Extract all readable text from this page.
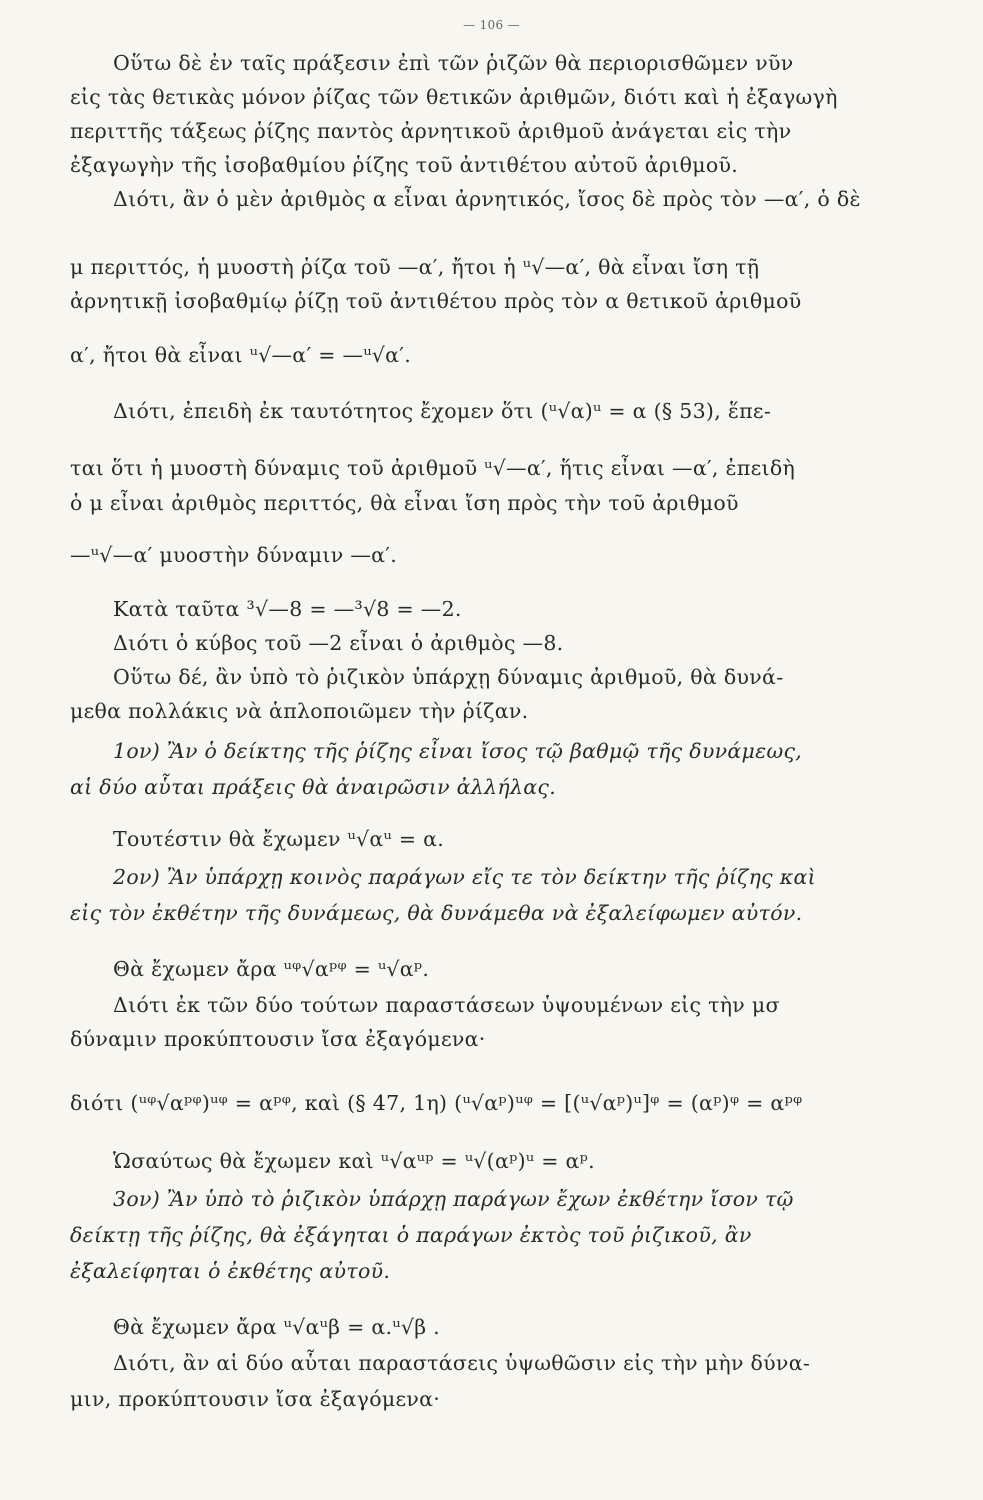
— 106 —
Οὕτω δὲ ἐν ταῖς πράξεσιν ἐπὶ τῶν ῥιζῶν θὰ περιορισθῶμεν νῦν
εἰς τὰς θετικὰς μόνον ῥίζας τῶν θετικῶν ἀριθμῶν, διότι καὶ ἡ ἐξαγωγὴ
περιττῆς τάξεως ῥίζης παντὸς ἀρνητικοῦ ἀριθμοῦ ἀνάγεται εἰς τὴν
ἐξαγωγὴν τῆς ἰσοβαθμίου ῥίζης τοῦ ἀντιθέτου αὐτοῦ ἀριθμοῦ.
Διότι, ἂν ὁ μὲν ἀριθμὸς α εἶναι ἀρνητικός, ἴσος δὲ πρὸς τὸν —α′, ὁ δὲ
μ περιττός, ἡ μυοστὴ ῥίζα τοῦ —α′, ἤτοι ἡ ᵘ√—α′, θὰ εἶναι ἴση τῇ
ἀρνητικῇ ἰσοβαθμίῳ ῥίζῃ τοῦ ἀντιθέτου πρὸς τὸν α θετικοῦ ἀριθμοῦ
α′, ἤτοι θὰ εἶναι ᵘ√—α′ = —ᵘ√α′.
Διότι, ἐπειδὴ ἐκ ταυτότητος ἔχομεν ὅτι (ᵘ√α)ᵘ = α (§ 53), ἕπε-
ται ὅτι ἡ μυοστὴ δύναμις τοῦ ἀριθμοῦ ᵘ√—α′, ἥτις εἶναι —α′, ἐπειδὴ
ὁ μ εἶναι ἀριθμὸς περιττός, θὰ εἶναι ἴση πρὸς τὴν τοῦ ἀριθμοῦ
—ᵘ√—α′ μυοστὴν δύναμιν —α′.
Κατὰ ταῦτα ³√—8 = —³√8 = —2.
Διότι ὁ κύβος τοῦ —2 εἶναι ὁ ἀριθμὸς —8.
Οὕτω δέ, ἂν ὑπὸ τὸ ῥιζικὸν ὑπάρχῃ δύναμις ἀριθμοῦ, θὰ δυνά-
μεθα πολλάκις νὰ ἁπλοποιῶμεν τὴν ῥίζαν.
1ον) Ἂν ὁ δείκτης τῆς ῥίζης εἶναι ἴσος τῷ βαθμῷ τῆς δυνάμεως,
αἱ δύο αὗται πράξεις θὰ ἀναιρῶσιν ἀλλήλας.
Τουτέστιν θὰ ἔχωμεν ᵘ√αᵘ = α.
2ον) Ἂν ὑπάρχῃ κοινὸς παράγων εἴς τε τὸν δείκτην τῆς ῥίζης καὶ
εἰς τὸν ἐκθέτην τῆς δυνάμεως, θὰ δυνάμεθα νὰ ἐξαλείφωμεν αὐτόν.
Θὰ ἔχωμεν ἄρα ᵘᵠ√αᵖᵠ = ᵘ√αᵖ.
Διότι ἐκ τῶν δύο τούτων παραστάσεων ὑψουμένων εἰς τὴν μσ
δύναμιν προκύπτουσιν ἴσα ἐξαγόμενα·
διότι (ᵘᵠ√αᵖᵠ)ᵘᵠ = αᵖᵠ, καὶ (§ 47, 1η) (ᵘ√αᵖ)ᵘᵠ = [(ᵘ√αᵖ)ᵘ]ᵠ = (αᵖ)ᵠ = αᵖᵠ
Ὡσαύτως θὰ ἔχωμεν καὶ ᵘ√αᵘᵖ = ᵘ√(αᵖ)ᵘ = αᵖ.
3ον) Ἂν ὑπὸ τὸ ῥιζικὸν ὑπάρχῃ παράγων ἔχων ἐκθέτην ἴσον τῷ
δείκτῃ τῆς ῥίζης, θὰ ἐξάγηται ὁ παράγων ἐκτὸς τοῦ ῥιζικοῦ, ἂν
ἐξαλείφηται ὁ ἐκθέτης αὐτοῦ.
Θὰ ἔχωμεν ἄρα ᵘ√αᵘβ = α.ᵘ√β .
Διότι, ἂν αἱ δύο αὗται παραστάσεις ὑψωθῶσιν εἰς τὴν μὴν δύνα-
μιν, προκύπτουσιν ἴσα ἐξαγόμενα·
